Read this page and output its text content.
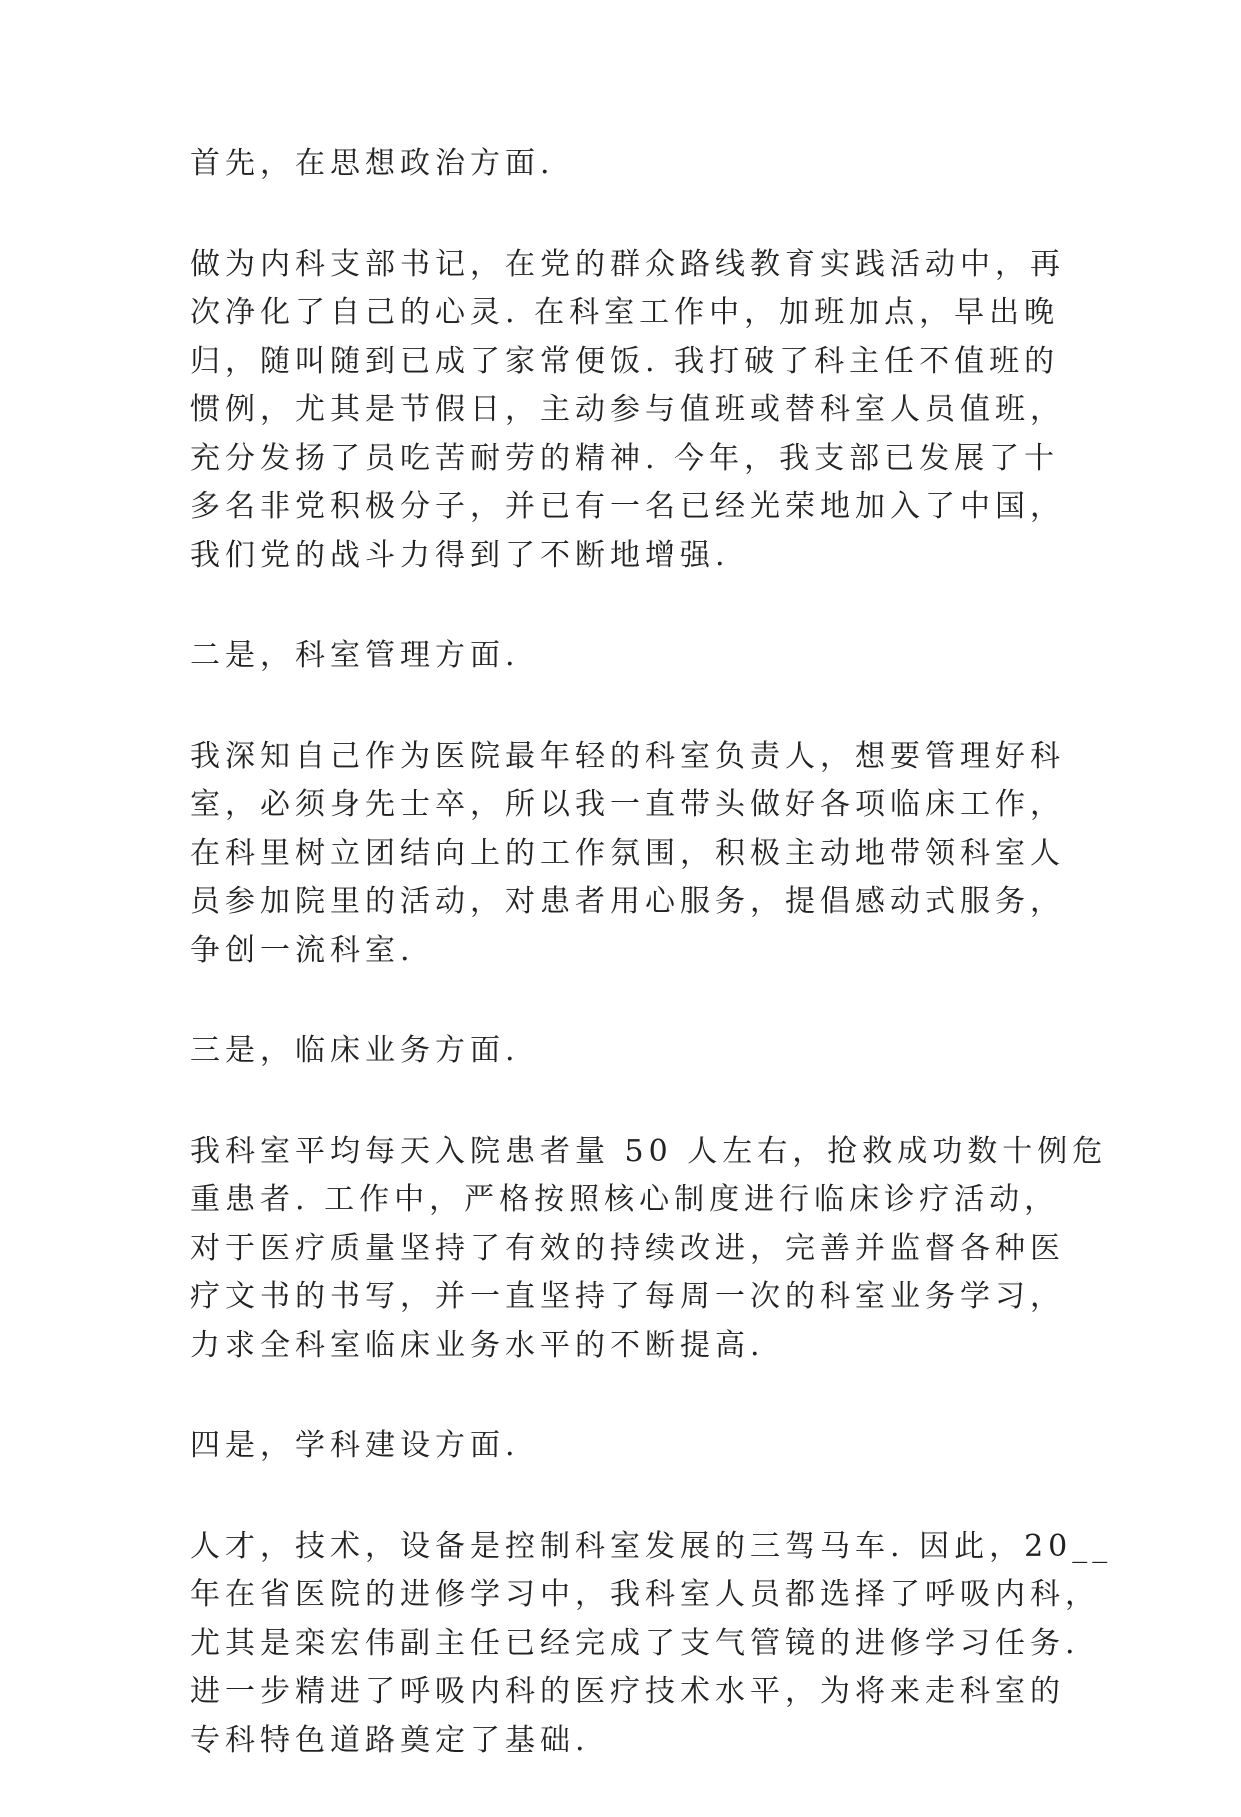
首先，在思想政治方面.
做为内科支部书记，在党的群众路线教育实践活动中，再
次净化了自己的心灵. 在科室工作中，加班加点，早出晚
归，随叫随到已成了家常便饭. 我打破了科主任不值班的
惯例，尤其是节假日，主动参与值班或替科室人员值班，
充分发扬了员吃苦耐劳的精神. 今年，我支部已发展了十
多名非党积极分子，并已有一名已经光荣地加入了中国，
我们党的战斗力得到了不断地增强.
二是，科室管理方面.
我深知自己作为医院最年轻的科室负责人，想要管理好科
室，必须身先士卒，所以我一直带头做好各项临床工作，
在科里树立团结向上的工作氛围，积极主动地带领科室人
员参加院里的活动，对患者用心服务，提倡感动式服务，
争创一流科室.
三是，临床业务方面.
我科室平均每天入院患者量 50 人左右，抢救成功数十例危
重患者. 工作中，严格按照核心制度进行临床诊疗活动，
对于医疗质量坚持了有效的持续改进，完善并监督各种医
疗文书的书写，并一直坚持了每周一次的科室业务学习，
力求全科室临床业务水平的不断提高.
四是，学科建设方面.
人才，技术，设备是控制科室发展的三驾马车. 因此，20__
年在省医院的进修学习中，我科室人员都选择了呼吸内科，
尤其是栾宏伟副主任已经完成了支气管镜的进修学习任务.
进一步精进了呼吸内科的医疗技术水平，为将来走科室的
专科特色道路奠定了基础.
